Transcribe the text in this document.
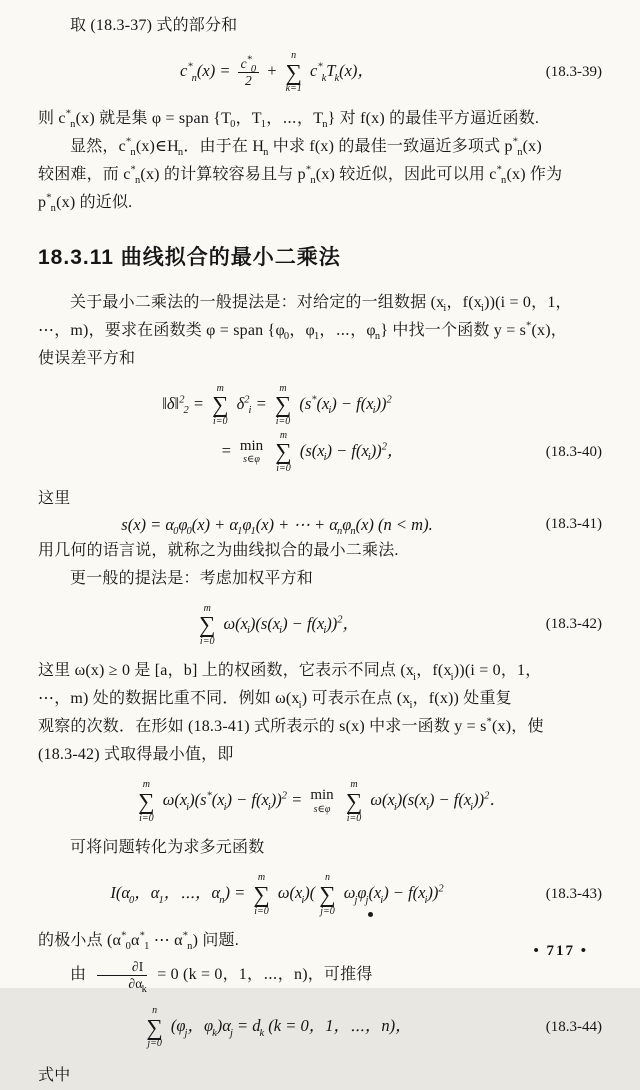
取 (18.3-37) 式的部分和
$c^*_n(x) = \frac{c^*_0}{2}$ +
n
∑
k=1
$c^*_kT_k(x)$，	(18.3-39)
则 $c^*_n(x)$ 就是集 φ = span {$T_0$，$T_1$，⋯，$T_n$} 对 f(x) 的最佳平方逼近函数.
显然，$c^*_n(x)\in H_n$．由于在 $H_n$ 中求 f(x) 的最佳一致逼近多项式 $p^*_n(x)$
较困难，而 $c^*_n(x)$ 的计算较容易且与 $p^*_n(x)$ 较近似，因此可以用 $c^*_n(x)$ 作为
$p^*_n(x)$ 的近似.
18.3.11 曲线拟合的最小二乘法
关于最小二乘法的一般提法是：对给定的一组数据 ($x_i$，$f(x_i))(i = 0$，1，
⋯，m)，要求在函数类 φ = span {$\varphi_0$，$\varphi_1$，⋯，$\varphi_n$} 中找一个函数 y = s*(x)，
使误差平方和
‖δ‖$^2_2$ =
m
∑
i=0
$\delta^2_i$ =
m
∑
i=0
$(s^*(x_i) - f(x_i))^2$
= min
s∈φ

m
∑
i=0
$(s(x_i) - f(x_i))^2$，	(18.3-40)
这里
$s(x) = \alpha_0\varphi_0(x) + \alpha_1\varphi_1(x)$ + ⋯ + $\alpha_n\varphi_n(x) (n < m)$.	(18.3-41)
用几何的语言说，就称之为曲线拟合的最小二乘法.
更一般的提法是：考虑加权平方和
m
∑
i=0
$\omega(x_i)(s(x_i) - f(x_i))^2$，	(18.3-42)
这里 ω(x) ≥ 0 是 [a，b] 上的权函数，它表示不同点 ($x_i$，$f(x_i))(i = 0$，1，
⋯，m) 处的数据比重不同．例如 $\omega(x_i)$ 可表示在点 ($x_i$，f(x)) 处重复
观察的次数．在形如 (18.3-41) 式所表示的 s(x) 中求一函数 y = s*(x)，使
(18.3-42) 式取得最小值，即
m
∑
i=0
$\omega(x_i)(s^*(x_i) - f(x_i))^2 = \min$
s∈φ

m
∑
i=0
$\omega(x_i)(s(x_i) - f(x_i))^2$．
可将问题转化为求多元函数
$I(\alpha_0$，$\alpha_1$，⋯，$\alpha_n$) =
m
∑
i=0
$\omega(x_i)$(
n
∑
j=0
$\omega_j\varphi_j(x_i) - f(x_i))^2$	(18.3-43)
的极小点 ($\alpha^*_0\alpha^*_1$ ⋯ $\alpha^*_n$) 问题.
由 $\frac{\partial I}{\partial\alpha_k} = 0$ (k = 0，1，⋯，n)，可推得
n
∑
j=0
($\varphi_j$，$\varphi_k)\alpha_j = d_k$ (k = 0，1，⋯，n)，	(18.3-44)
式中
• 717 •
